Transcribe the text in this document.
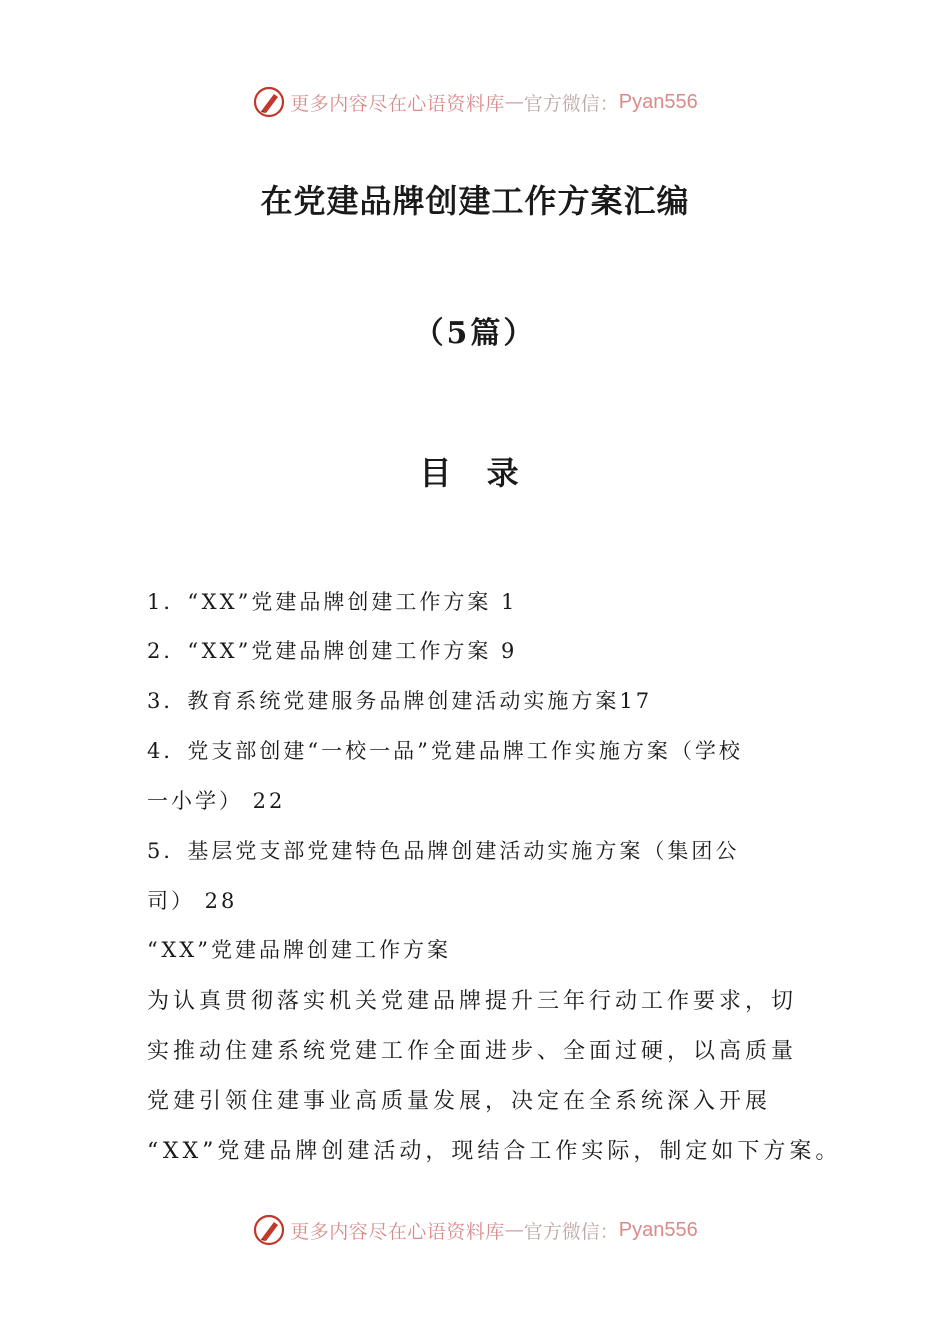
更多内容尽在心语资料库 — 官方微信： Pyan556
在党建品牌创建工作方案汇编
（5篇）
目 录
1．“XX”党建品牌创建工作方案 1
2．“XX”党建品牌创建工作方案 9
3．教育系统党建服务品牌创建活动实施方案17
4．党支部创建“一校一品”党建品牌工作实施方案（学校
一小学） 22
5．基层党支部党建特色品牌创建活动实施方案（集团公
司） 28
“XX”党建品牌创建工作方案
为认真贯彻落实机关党建品牌提升三年行动工作要求，切
实推动住建系统党建工作全面进步、全面过硬，以高质量
党建引领住建事业高质量发展，决定在全系统深入开展
“XX”党建品牌创建活动，现结合工作实际，制定如下方案。
更多内容尽在心语资料库 — 官方微信： Pyan556
